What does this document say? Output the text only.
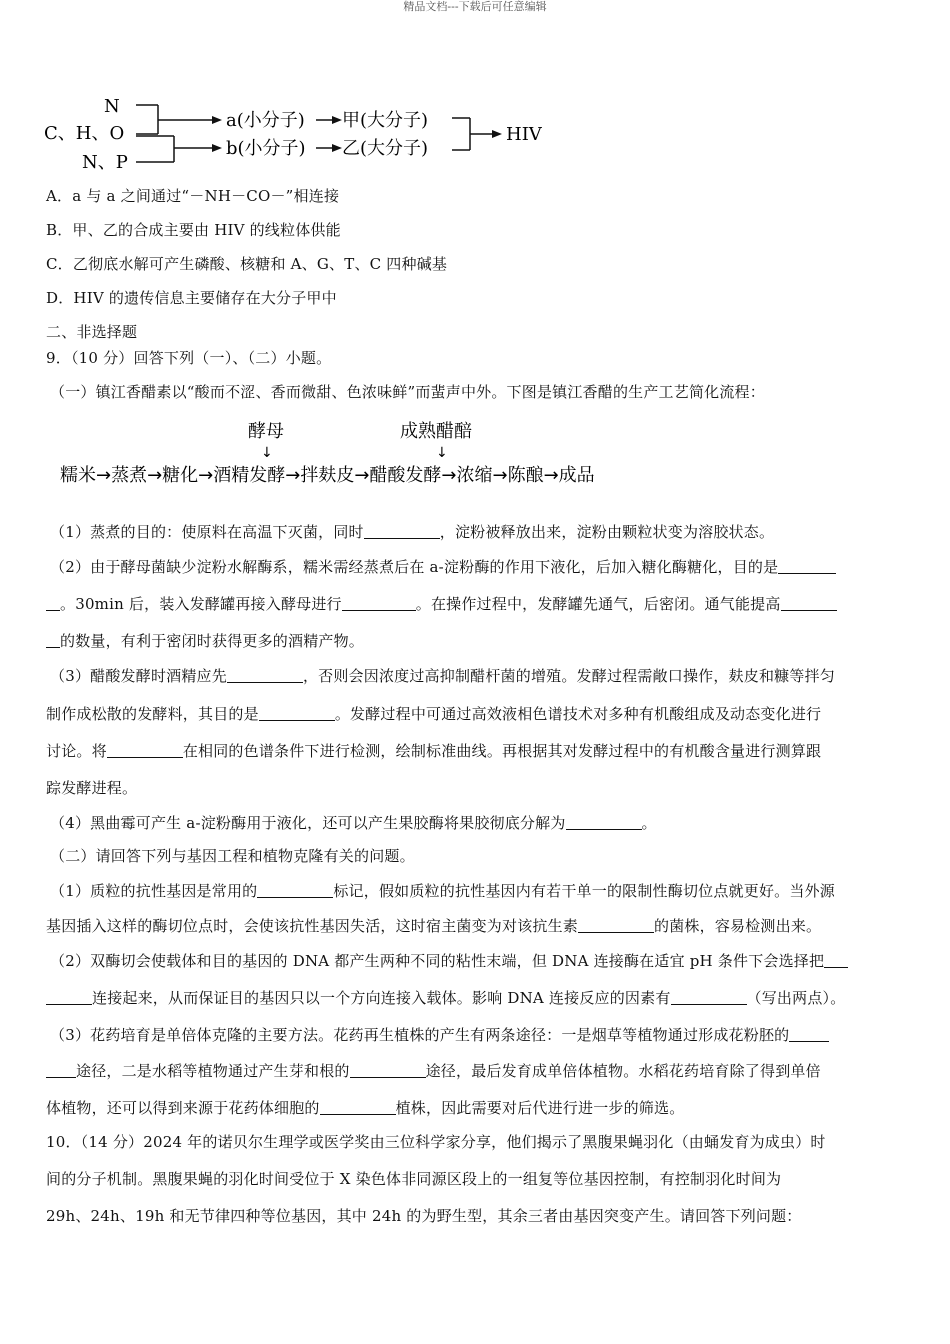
精品文档---下载后可任意编辑
N
C、H、O
N、P
a(小分子)
b(小分子)
甲(大分子)
乙(大分子)
HIV
A．a 与 a 之间通过“－NH－CO－”相连接
B．甲、乙的合成主要由 HIV 的线粒体供能
C．乙彻底水解可产生磷酸、核糖和 A、G、T、C 四种碱基
D．HIV 的遗传信息主要储存在大分子甲中
二、非选择题
9．（10 分）回答下列（一）、（二）小题。
（一）镇江香醋素以“酸而不涩、香而微甜、色浓味鲜”而蜚声中外。下图是镇江香醋的生产工艺简化流程：
酵母
↓
成熟醋醅
↓
糯米→蒸煮→糖化→酒精发酵→拌麸皮→醋酸发酵→浓缩→陈酿→成品
（1）蒸煮的目的：使原料在高温下灭菌，同时	，淀粉被释放出来，淀粉由颗粒状变为溶胶状态。
（2）由于酵母菌缺少淀粉水解酶系，糯米需经蒸煮后在 a-淀粉酶的作用下液化，后加入糖化酶糖化，目的是
。30min 后，装入发酵罐再接入酵母进行	。在操作过程中，发酵罐先通气，后密闭。通气能提高
的数量，有利于密闭时获得更多的酒精产物。
（3）醋酸发酵时酒精应先	，否则会因浓度过高抑制醋杆菌的增殖。发酵过程需敞口操作，麸皮和糠等拌匀
制作成松散的发酵料，其目的是	。发酵过程中可通过高效液相色谱技术对多种有机酸组成及动态变化进行
讨论。将	在相同的色谱条件下进行检测，绘制标准曲线。再根据其对发酵过程中的有机酸含量进行测算跟
踪发酵进程。
（4）黑曲霉可产生 a-淀粉酶用于液化，还可以产生果胶酶将果胶彻底分解为	。
（二）请回答下列与基因工程和植物克隆有关的问题。
（1）质粒的抗性基因是常用的	标记，假如质粒的抗性基因内有若干单一的限制性酶切位点就更好。当外源
基因插入这样的酶切位点时，会使该抗性基因失活，这时宿主菌变为对该抗生素	的菌株，容易检测出来。
（2）双酶切会使载体和目的基因的 DNA 都产生两种不同的粘性末端，但 DNA 连接酶在适宜 pH 条件下会选择把
连接起来，从而保证目的基因只以一个方向连接入载体。影响 DNA 连接反应的因素有	（写出两点）。
（3）花药培育是单倍体克隆的主要方法。花药再生植株的产生有两条途径：一是烟草等植物通过形成花粉胚的
途径，二是水稻等植物通过产生芽和根的	途径，最后发育成单倍体植物。水稻花药培育除了得到单倍
体植物，还可以得到来源于花药体细胞的	植株，因此需要对后代进行进一步的筛选。
10．（14 分）2024 年的诺贝尔生理学或医学奖由三位科学家分享，他们揭示了黑腹果蝇羽化（由蛹发育为成虫）时
间的分子机制。黑腹果蝇的羽化时间受位于 X 染色体非同源区段上的一组复等位基因控制，有控制羽化时间为
29h、24h、19h 和无节律四种等位基因，其中 24h 的为野生型，其余三者由基因突变产生。请回答下列问题：
